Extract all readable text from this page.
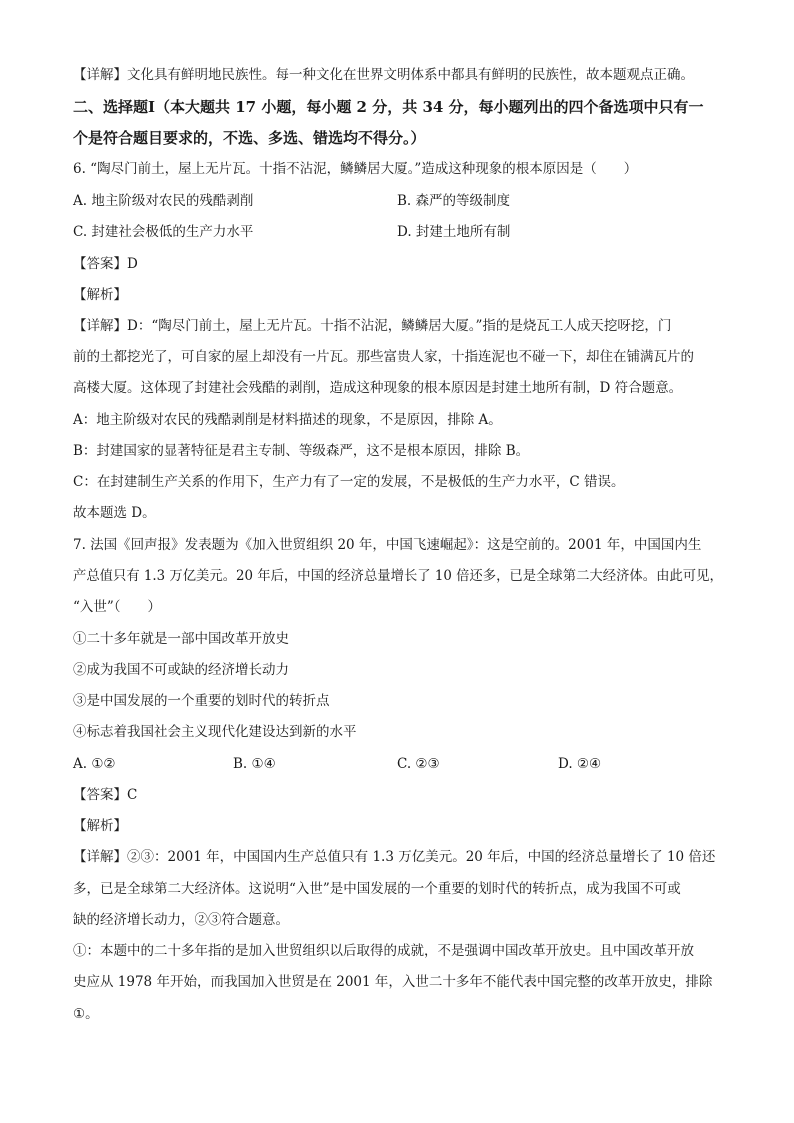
【详解】文化具有鲜明地民族性。每一种文化在世界文明体系中都具有鲜明的民族性，故本题观点正确。
二、选择题Ⅰ（本大题共 17 小题，每小题 2 分，共 34 分，每小题列出的四个备选项中只有一
个是符合题目要求的，不选、多选、错选均不得分。）
6. “陶尽门前土，屋上无片瓦。十指不沾泥，鳞鳞居大厦。”造成这种现象的根本原因是（　　）
A. 地主阶级对农民的残酷剥削	B. 森严的等级制度
C. 封建社会极低的生产力水平	D. 封建土地所有制
【答案】D
【解析】
【详解】D：“陶尽门前土，屋上无片瓦。十指不沾泥，鳞鳞居大厦。”指的是烧瓦工人成天挖呀挖，门
前的土都挖光了，可自家的屋上却没有一片瓦。那些富贵人家，十指连泥也不碰一下，却住在铺满瓦片的
高楼大厦。这体现了封建社会残酷的剥削，造成这种现象的根本原因是封建土地所有制，D 符合题意。
A：地主阶级对农民的残酷剥削是材料描述的现象，不是原因，排除 A。
B：封建国家的显著特征是君主专制、等级森严，这不是根本原因，排除 B。
C：在封建制生产关系的作用下，生产力有了一定的发展，不是极低的生产力水平，C 错误。
故本题选 D。
7. 法国《回声报》发表题为《加入世贸组织 20 年，中国飞速崛起》：这是空前的。2001 年，中国国内生
产总值只有 1.3 万亿美元。20 年后，中国的经济总量增长了 10 倍还多，已是全球第二大经济体。由此可见，
“入世”（　　）
①二十多年就是一部中国改革开放史
②成为我国不可或缺的经济增长动力
③是中国发展的一个重要的划时代的转折点
④标志着我国社会主义现代化建设达到新的水平
A. ①②	B. ①④	C. ②③	D. ②④
【答案】C
【解析】
【详解】②③：2001 年，中国国内生产总值只有 1.3 万亿美元。20 年后，中国的经济总量增长了 10 倍还
多，已是全球第二大经济体。这说明“入世”是中国发展的一个重要的划时代的转折点，成为我国不可或
缺的经济增长动力，②③符合题意。
①：本题中的二十多年指的是加入世贸组织以后取得的成就，不是强调中国改革开放史。且中国改革开放
史应从 1978 年开始，而我国加入世贸是在 2001 年，入世二十多年不能代表中国完整的改革开放史，排除
①。
